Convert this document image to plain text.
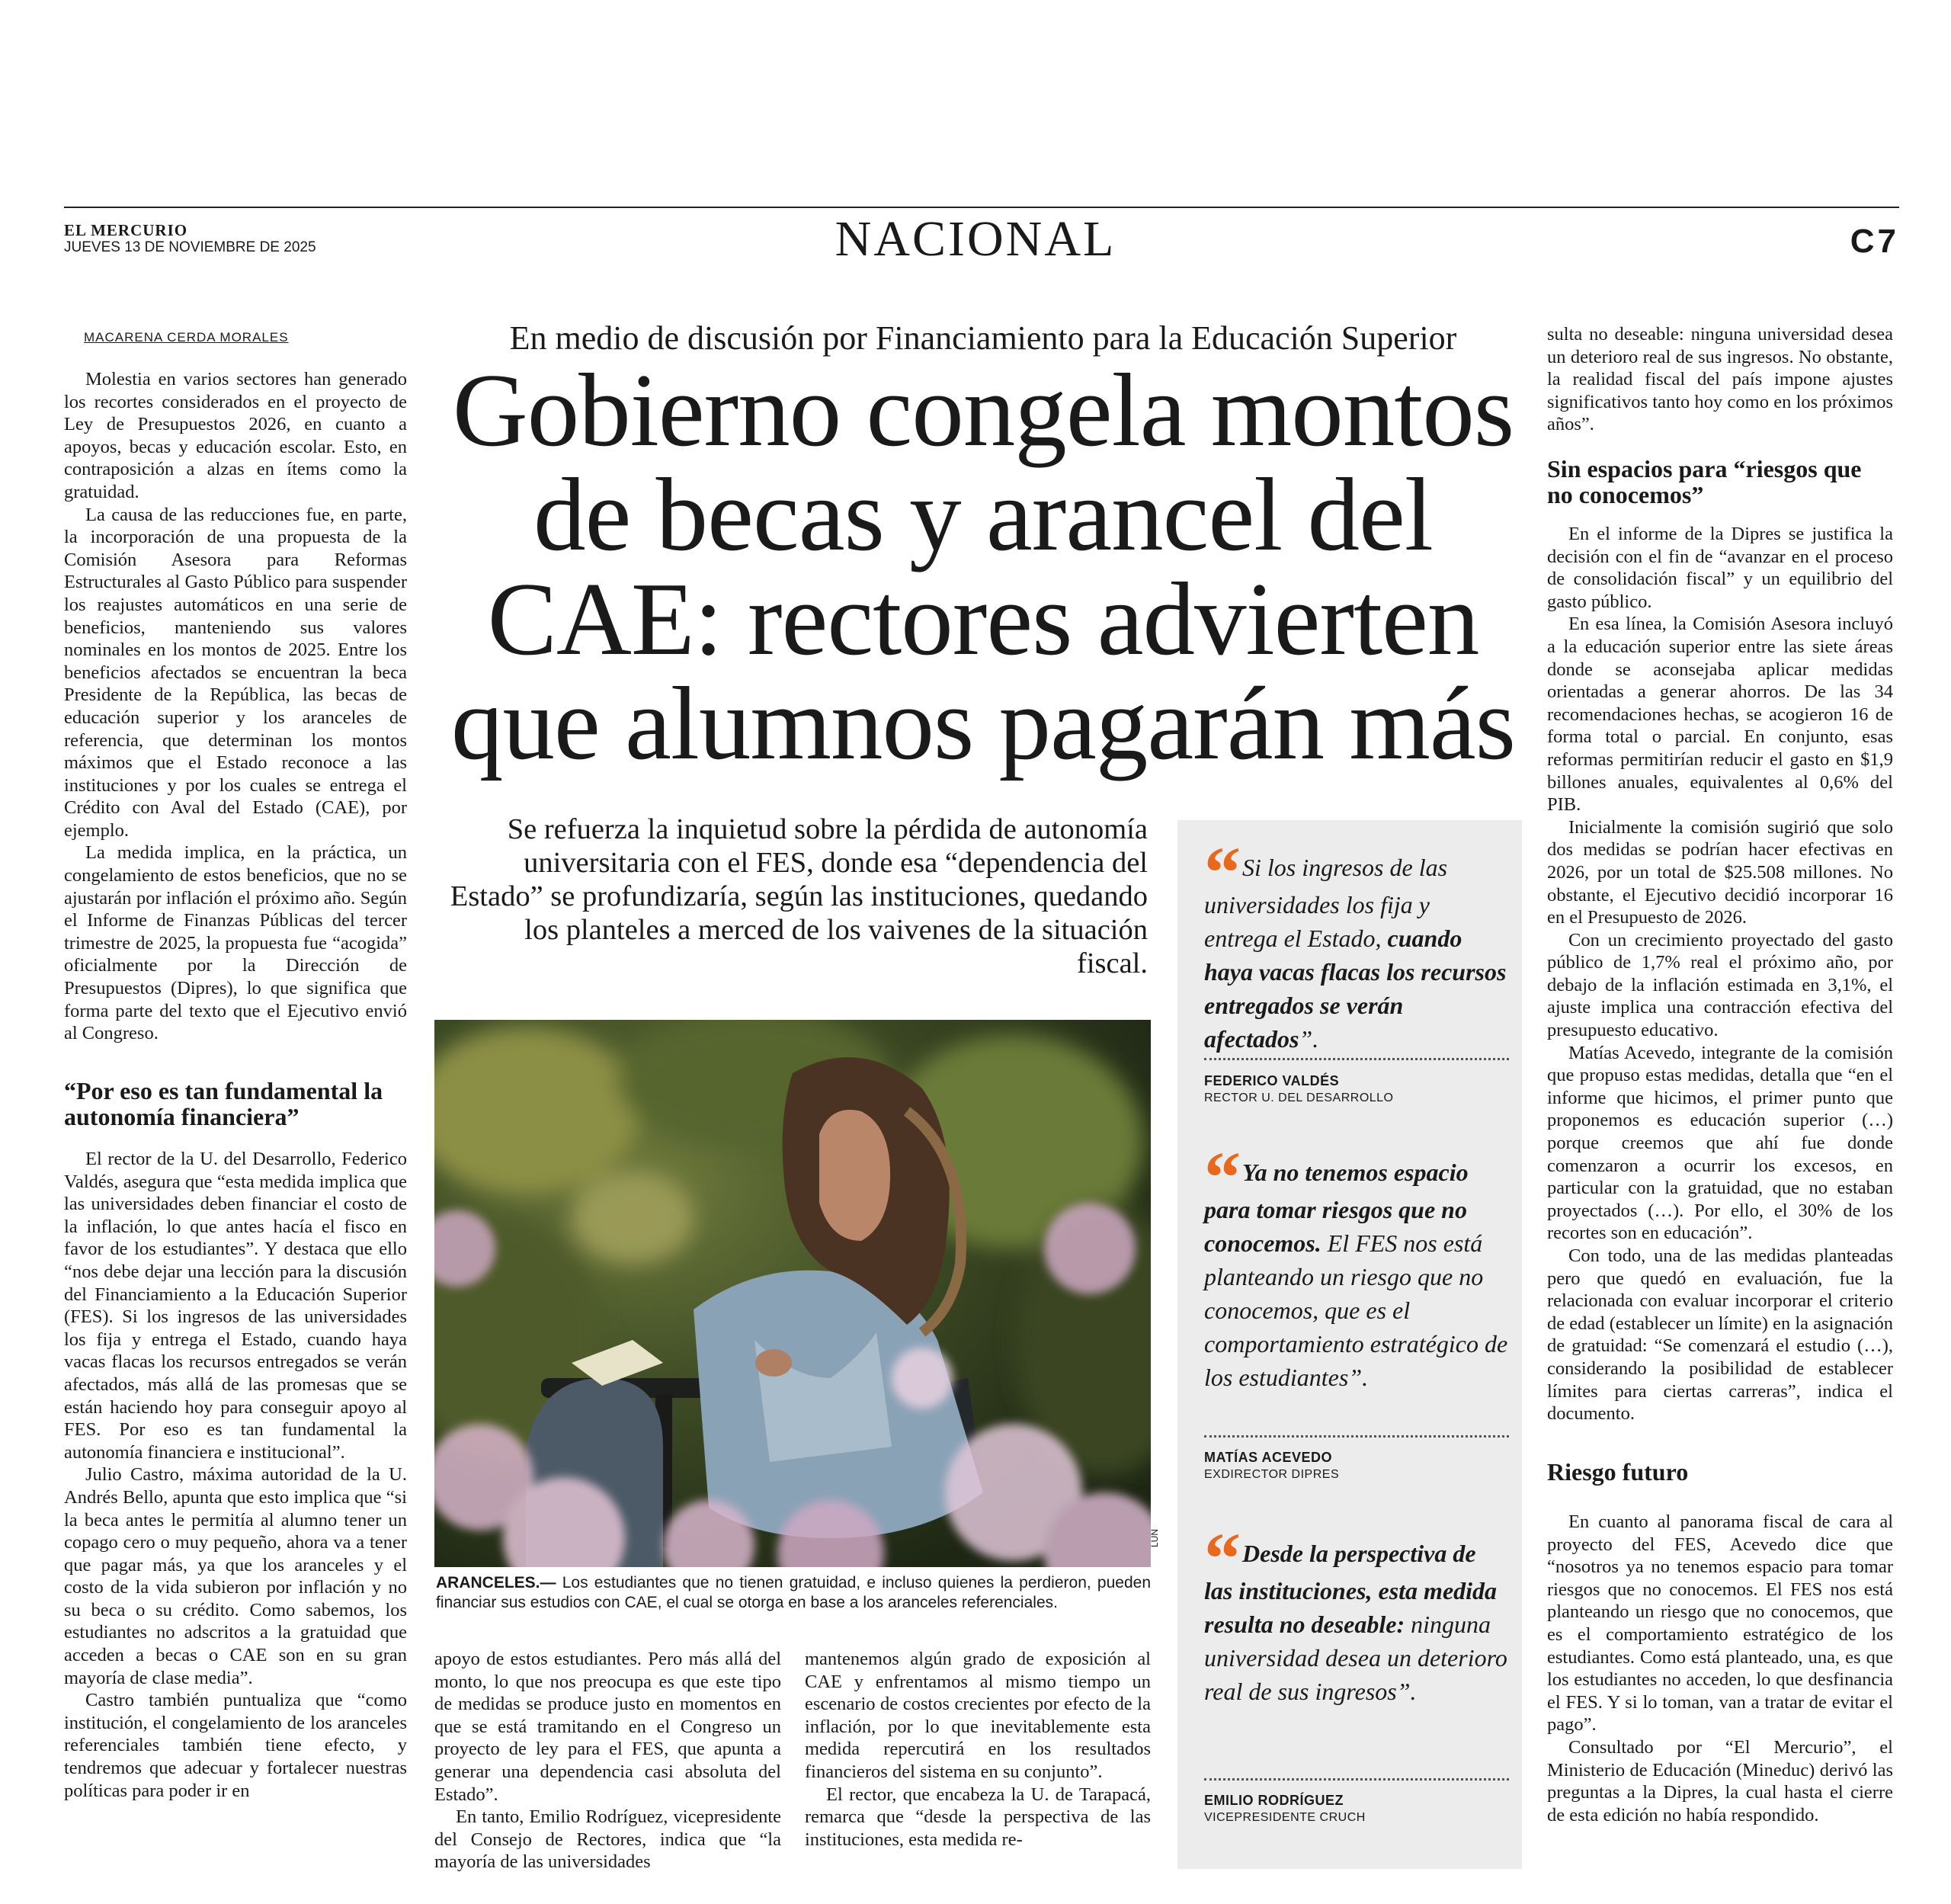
EL MERCURIO
JUEVES 13 DE NOVIEMBRE DE 2025	NACIONAL	C7
MACARENA CERDA MORALES

Molestia en varios sectores han generado los recortes considerados en el proyecto de Ley de Presupuestos 2026, en cuanto a apoyos, becas y educación escolar. Esto, en contraposición a alzas en ítems como la gratuidad.

La causa de las reducciones fue, en parte, la incorporación de una propuesta de la Comisión Asesora para Reformas Estructurales al Gasto Público para suspender los reajustes automáticos en una serie de beneficios, manteniendo sus valores nominales en los montos de 2025. Entre los beneficios afectados se encuentran la beca Presidente de la República, las becas de educación superior y los aranceles de referencia, que determinan los montos máximos que el Estado reconoce a las instituciones y por los cuales se entrega el Crédito con Aval del Estado (CAE), por ejemplo.

La medida implica, en la práctica, un congelamiento de estos beneficios, que no se ajustarán por inflación el próximo año. Según el Informe de Finanzas Públicas del tercer trimestre de 2025, la propuesta fue “acogida” oficialmente por la Dirección de Presupuestos (Dipres), lo que significa que forma parte del texto que el Ejecutivo envió al Congreso.

“Por eso es tan fundamental la autonomía financiera”

El rector de la U. del Desarrollo, Federico Valdés, asegura que “esta medida implica que las universidades deben financiar el costo de la inflación, lo que antes hacía el fisco en favor de los estudiantes”. Y destaca que ello “nos debe dejar una lección para la discusión del Financiamiento a la Educación Superior (FES). Si los ingresos de las universidades los fija y entrega el Estado, cuando haya vacas flacas los recursos entregados se verán afectados, más allá de las promesas que se están haciendo hoy para conseguir apoyo al FES. Por eso es tan fundamental la autonomía financiera e institucional”.

Julio Castro, máxima autoridad de la U. Andrés Bello, apunta que esto implica que “si la beca antes le permitía al alumno tener un copago cero o muy pequeño, ahora va a tener que pagar más, ya que los aranceles y el costo de la vida subieron por inflación y no su beca o su crédito. Como sabemos, los estudiantes no adscritos a la gratuidad que acceden a becas o CAE son en su gran mayoría de clase media”.

Castro también puntualiza que “como institución, el congelamiento de los aranceles referenciales también tiene efecto, y tendremos que adecuar y fortalecer nuestras políticas para poder ir en

En medio de discusión por Financiamiento para la Educación Superior
Gobierno congela montos de becas y arancel del CAE: rectores advierten que alumnos pagarán más
Se refuerza la inquietud sobre la pérdida de autonomía universitaria con el FES, donde esa “dependencia del Estado” se profundizaría, según las instituciones, quedando los planteles a merced de los vaivenes de la situación fiscal.
LUN
ARANCELES.— Los estudiantes que no tienen gratuidad, e incluso quienes la perdieron, pueden financiar sus estudios con CAE, el cual se otorga en base a los aranceles referenciales.

apoyo de estos estudiantes. Pero más allá del monto, lo que nos preocupa es que este tipo de medidas se produce justo en momentos en que se está tramitando en el Congreso un proyecto de ley para el FES, que apunta a generar una dependencia casi absoluta del Estado”.

En tanto, Emilio Rodríguez, vicepresidente del Consejo de Rectores, indica que “la mayoría de las universidades

mantenemos algún grado de exposición al CAE y enfrentamos al mismo tiempo un escenario de costos crecientes por efecto de la inflación, por lo que inevitablemente esta medida repercutirá en los resultados financieros del sistema en su conjunto”.

El rector, que encabeza la U. de Tarapacá, remarca que “desde la perspectiva de las instituciones, esta medida re-

“ Si los ingresos de las universidades los fija y entrega el Estado, cuando haya vacas flacas los recursos entregados se verán afectados”.
FEDERICO VALDÉS
RECTOR U. DEL DESARROLLO
“ Ya no tenemos espacio para tomar riesgos que no conocemos. El FES nos está planteando un riesgo que no conocemos, que es el comportamiento estratégico de los estudiantes”.
MATÍAS ACEVEDO
EXDIRECTOR DIPRES
“ Desde la perspectiva de las instituciones, esta medida resulta no deseable: ninguna universidad desea un deterioro real de sus ingresos”.
EMILIO RODRÍGUEZ
VICEPRESIDENTE CRUCH

sulta no deseable: ninguna universidad desea un deterioro real de sus ingresos. No obstante, la realidad fiscal del país impone ajustes significativos tanto hoy como en los próximos años”.

Sin espacios para “riesgos que no conocemos”

En el informe de la Dipres se justifica la decisión con el fin de “avanzar en el proceso de consolidación fiscal” y un equilibrio del gasto público.

En esa línea, la Comisión Asesora incluyó a la educación superior entre las siete áreas donde se aconsejaba aplicar medidas orientadas a generar ahorros. De las 34 recomendaciones hechas, se acogieron 16 de forma total o parcial. En conjunto, esas reformas permitirían reducir el gasto en $1,9 billones anuales, equivalentes al 0,6% del PIB.

Inicialmente la comisión sugirió que solo dos medidas se podrían hacer efectivas en 2026, por un total de $25.508 millones. No obstante, el Ejecutivo decidió incorporar 16 en el Presupuesto de 2026.

Con un crecimiento proyectado del gasto público de 1,7% real el próximo año, por debajo de la inflación estimada en 3,1%, el ajuste implica una contracción efectiva del presupuesto educativo.

Matías Acevedo, integrante de la comisión que propuso estas medidas, detalla que “en el informe que hicimos, el primer punto que proponemos es educación superior (…) porque creemos que ahí fue donde comenzaron a ocurrir los excesos, en particular con la gratuidad, que no estaban proyectados (…). Por ello, el 30% de los recortes son en educación”.

Con todo, una de las medidas planteadas pero que quedó en evaluación, fue la relacionada con evaluar incorporar el criterio de edad (establecer un límite) en la asignación de gratuidad: “Se comenzará el estudio (…), considerando la posibilidad de establecer límites para ciertas carreras”, indica el documento.

Riesgo futuro

En cuanto al panorama fiscal de cara al proyecto del FES, Acevedo dice que “nosotros ya no tenemos espacio para tomar riesgos que no conocemos. El FES nos está planteando un riesgo que no conocemos, que es el comportamiento estratégico de los estudiantes. Como está planteado, una, es que los estudiantes no acceden, lo que desfinancia el FES. Y si lo toman, van a tratar de evitar el pago”.

Consultado por “El Mercurio”, el Ministerio de Educación (Mineduc) derivó las preguntas a la Dipres, la cual hasta el cierre de esta edición no había respondido.
